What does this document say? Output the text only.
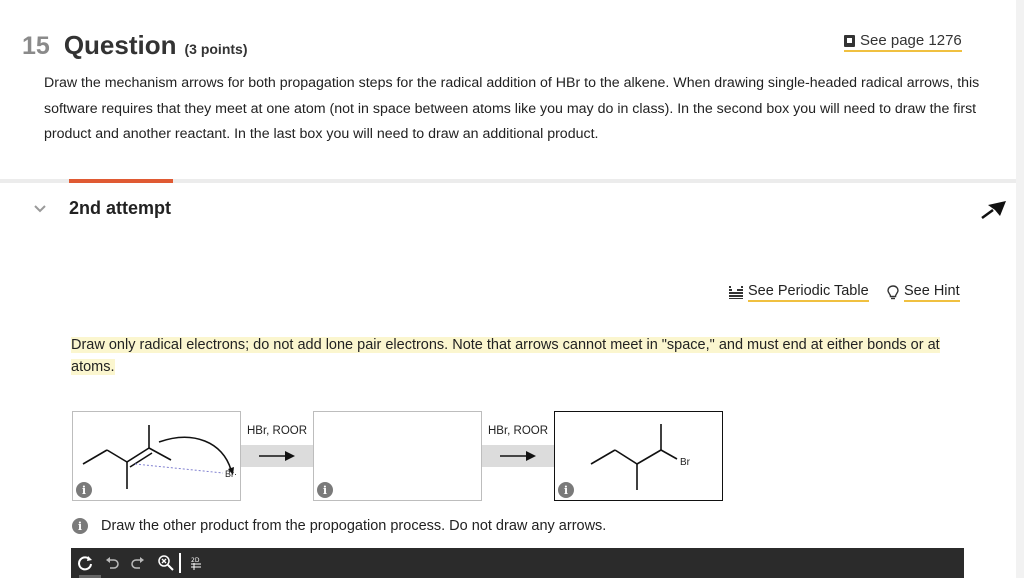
15 Question (3 points)	See page 1276
Draw the mechanism arrows for both propagation steps for the radical addition of HBr to the alkene. When drawing single-headed radical arrows, this software requires that they meet at one atom (not in space between atoms like you may do in class). In the second box you will need to draw the first product and another reactant. In the last box you will need to draw an additional product.
2nd attempt
See Periodic Table See Hint
Draw only radical electrons; do not add lone pair electrons. Note that arrows cannot meet in "space," and must end at either bonds or at atoms.
Br·
HBr, ROOR	HBr, ROOR
Br
i	i	i
i	Draw the other product from the propogation process. Do not draw any arrows.
2D
